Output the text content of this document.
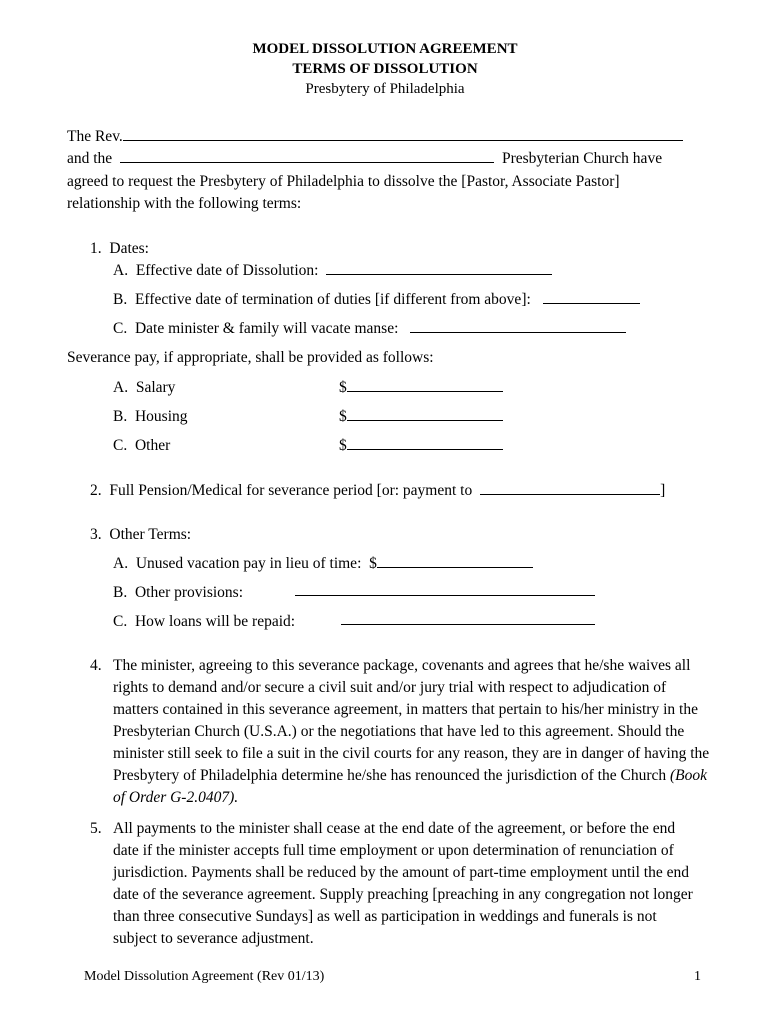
MODEL DISSOLUTION AGREEMENT
TERMS OF DISSOLUTION
Presbytery of Philadelphia
The Rev.
and the	Presbyterian Church have
agreed to request the Presbytery of Philadelphia to dissolve the [Pastor, Associate Pastor]
relationship with the following terms:
1.  Dates:
A.  Effective date of Dissolution:
B.  Effective date of termination of duties [if different from above]:
C.  Date minister & family will vacate manse:
Severance pay, if appropriate, shall be provided as follows:
A.  Salary	$
B.  Housing	$
C.  Other	$
2.  Full Pension/Medical for severance period [or: payment to	]
3.  Other Terms:
A.  Unused vacation pay in lieu of time:  $
B.  Other provisions:
C.  How loans will be repaid:
4. The minister, agreeing to this severance package, covenants and agrees that he/she waives all rights to demand and/or secure a civil suit and/or jury trial with respect to adjudication of matters contained in this severance agreement, in matters that pertain to his/her ministry in the Presbyterian Church (U.S.A.) or the negotiations that have led to this agreement. Should the minister still seek to file a suit in the civil courts for any reason, they are in danger of having the Presbytery of Philadelphia determine he/she has renounced the jurisdiction of the Church (Book of Order G-2.0407).
5. All payments to the minister shall cease at the end date of the agreement, or before the end date if the minister accepts full time employment or upon determination of renunciation of jurisdiction. Payments shall be reduced by the amount of part-time employment until the end date of the severance agreement. Supply preaching [preaching in any congregation not longer than three consecutive Sundays] as well as participation in weddings and funerals is not subject to severance adjustment.
Model Dissolution Agreement (Rev 01/13)	1
